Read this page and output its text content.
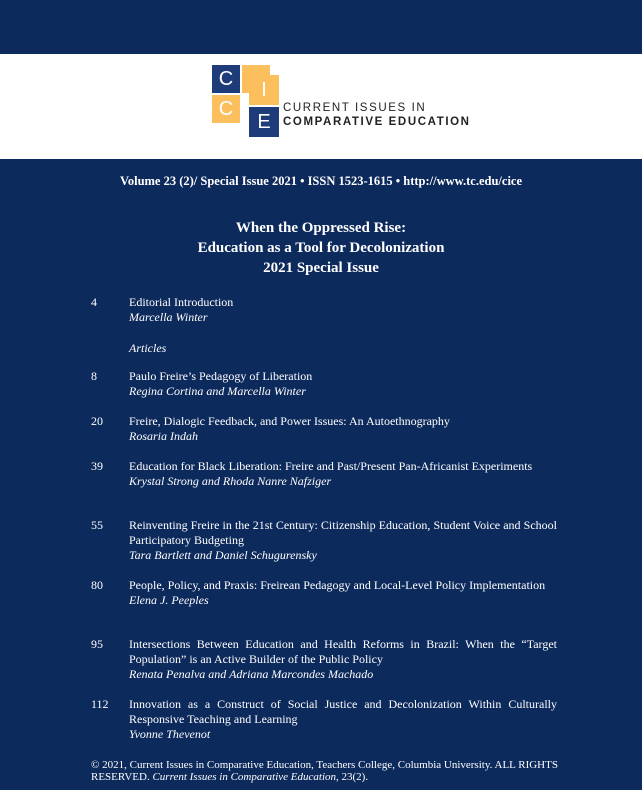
C
C
I
E
CURRENT ISSUES IN
COMPARATIVE EDUCATION
Volume 23 (2)/ Special Issue 2021 • ISSN 1523-1615 • http://www.tc.edu/cice
When the Oppressed Rise:
Education as a Tool for Decolonization
2021 Special Issue
4	Editorial Introduction
Marcella Winter
Articles
8	Paulo Freire’s Pedagogy of Liberation
Regina Cortina and Marcella Winter
20 Freire, Dialogic Feedback, and Power Issues: An Autoethnography
Rosaria Indah
39 Education for Black Liberation: Freire and Past/Present Pan-Africanist Experiments
Krystal Strong and Rhoda Nanre Nafziger
55 Reinventing Freire in the 21st Century: Citizenship Education, Student Voice and School Participatory Budgeting
Tara Bartlett and Daniel Schugurensky
80 People, Policy, and Praxis: Freirean Pedagogy and Local-Level Policy Implementation
Elena J. Peeples
95 Intersections Between Education and Health Reforms in Brazil: When the “Target Population” is an Active Builder of the Public Policy
Renata Penalva and Adriana Marcondes Machado
112 Innovation as a Construct of Social Justice and Decolonization Within Culturally Responsive Teaching and Learning
Yvonne Thevenot
© 2021, Current Issues in Comparative Education, Teachers College, Columbia University. ALL RIGHTS RESERVED. Current Issues in Comparative Education, 23(2).
